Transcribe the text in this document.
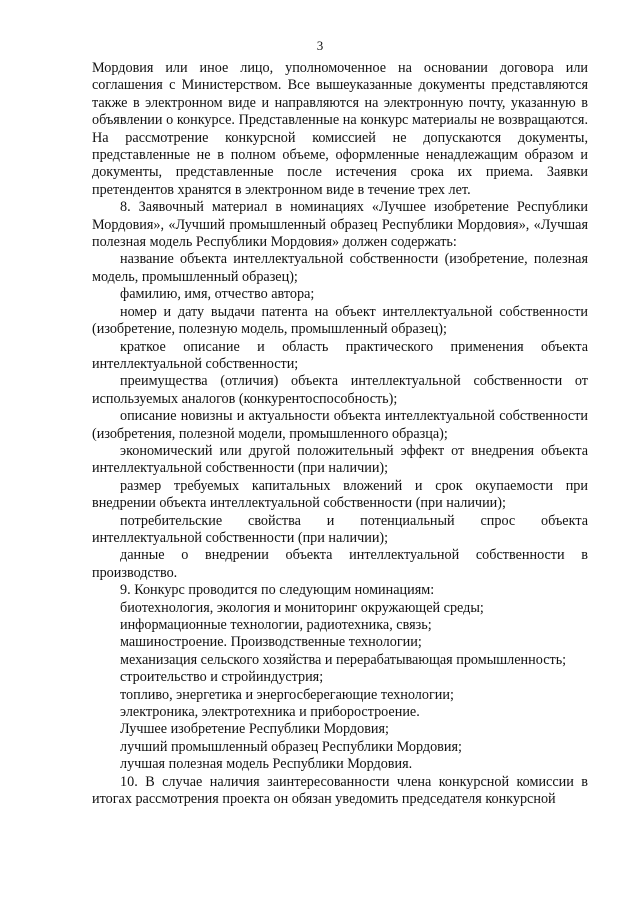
3

Мордовия или иное лицо, уполномоченное на основании договора или соглашения с Министерством. Все вышеуказанные документы представляются также в электронном виде и направляются на электронную почту, указанную в объявлении о конкурсе. Представленные на конкурс материалы не возвращаются. На рассмотрение конкурсной комиссией не допускаются документы, представленные не в полном объеме, оформленные ненадлежащим образом и документы, представленные после истечения срока их приема. Заявки претендентов хранятся в электронном виде в течение трех лет.

8. Заявочный материал в номинациях «Лучшее изобретение Республики Мордовия», «Лучший промышленный образец Республики Мордовия», «Лучшая полезная модель Республики Мордовия» должен содержать:

название объекта интеллектуальной собственности (изобретение, полезная модель, промышленный образец);

фамилию, имя, отчество автора;

номер и дату выдачи патента на объект интеллектуальной собственности (изобретение, полезную модель, промышленный образец);

краткое описание и область практического применения объекта интеллектуальной собственности;

преимущества (отличия) объекта интеллектуальной собственности от используемых аналогов (конкурентоспособность);

описание новизны и актуальности объекта интеллектуальной собственности (изобретения, полезной модели, промышленного образца);

экономический или другой положительный эффект от внедрения объекта интеллектуальной собственности (при наличии);

размер требуемых капитальных вложений и срок окупаемости при внедрении объекта интеллектуальной собственности (при наличии);

потребительские свойства и потенциальный спрос объекта интеллектуальной собственности (при наличии);

данные о внедрении объекта интеллектуальной собственности в производство.

9. Конкурс проводится по следующим номинациям:

биотехнология, экология и мониторинг окружающей среды;

информационные технологии, радиотехника, связь;

машиностроение. Производственные технологии;

механизация сельского хозяйства и перерабатывающая промышленность;

строительство и стройиндустрия;

топливо, энергетика и энергосберегающие технологии;

электроника, электротехника и приборостроение.

Лучшее изобретение Республики Мордовия;

лучший промышленный образец Республики Мордовия;

лучшая полезная модель Республики Мордовия.

10. В случае наличия заинтересованности члена конкурсной комиссии в итогах рассмотрения проекта он обязан уведомить председателя конкурсной
